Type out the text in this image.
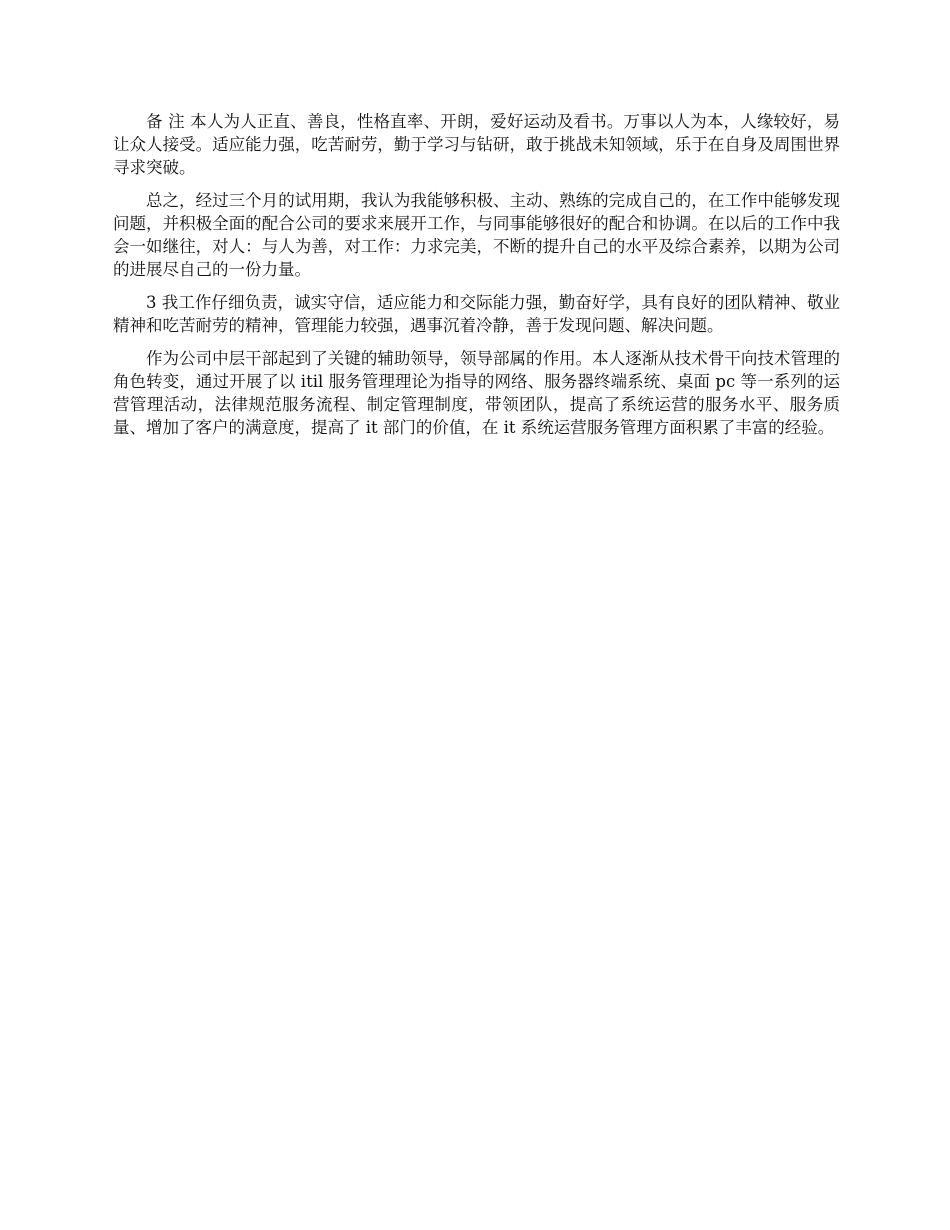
备 注 本人为人正直、善良，性格直率、开朗，爱好运动及看书。万事以人为本，人缘较好，易让众人接受。适应能力强，吃苦耐劳，勤于学习与钻研，敢于挑战未知领域，乐于在自身及周围世界寻求突破。

总之，经过三个月的试用期，我认为我能够积极、主动、熟练的完成自己的，在工作中能够发现问题，并积极全面的配合公司的要求来展开工作，与同事能够很好的配合和协调。在以后的工作中我会一如继往，对人：与人为善，对工作：力求完美，不断的提升自己的水平及综合素养，以期为公司的进展尽自己的一份力量。

3 我工作仔细负责，诚实守信，适应能力和交际能力强，勤奋好学，具有良好的团队精神、敬业精神和吃苦耐劳的精神，管理能力较强，遇事沉着冷静，善于发现问题、解决问题。

作为公司中层干部起到了关键的辅助领导，领导部属的作用。本人逐渐从技术骨干向技术管理的角色转变，通过开展了以 itil 服务管理理论为指导的网络、服务器终端系统、桌面 pc 等一系列的运营管理活动，法律规范服务流程、制定管理制度，带领团队，提高了系统运营的服务水平、服务质量、增加了客户的满意度，提高了 it 部门的价值，在 it 系统运营服务管理方面积累了丰富的经验。
